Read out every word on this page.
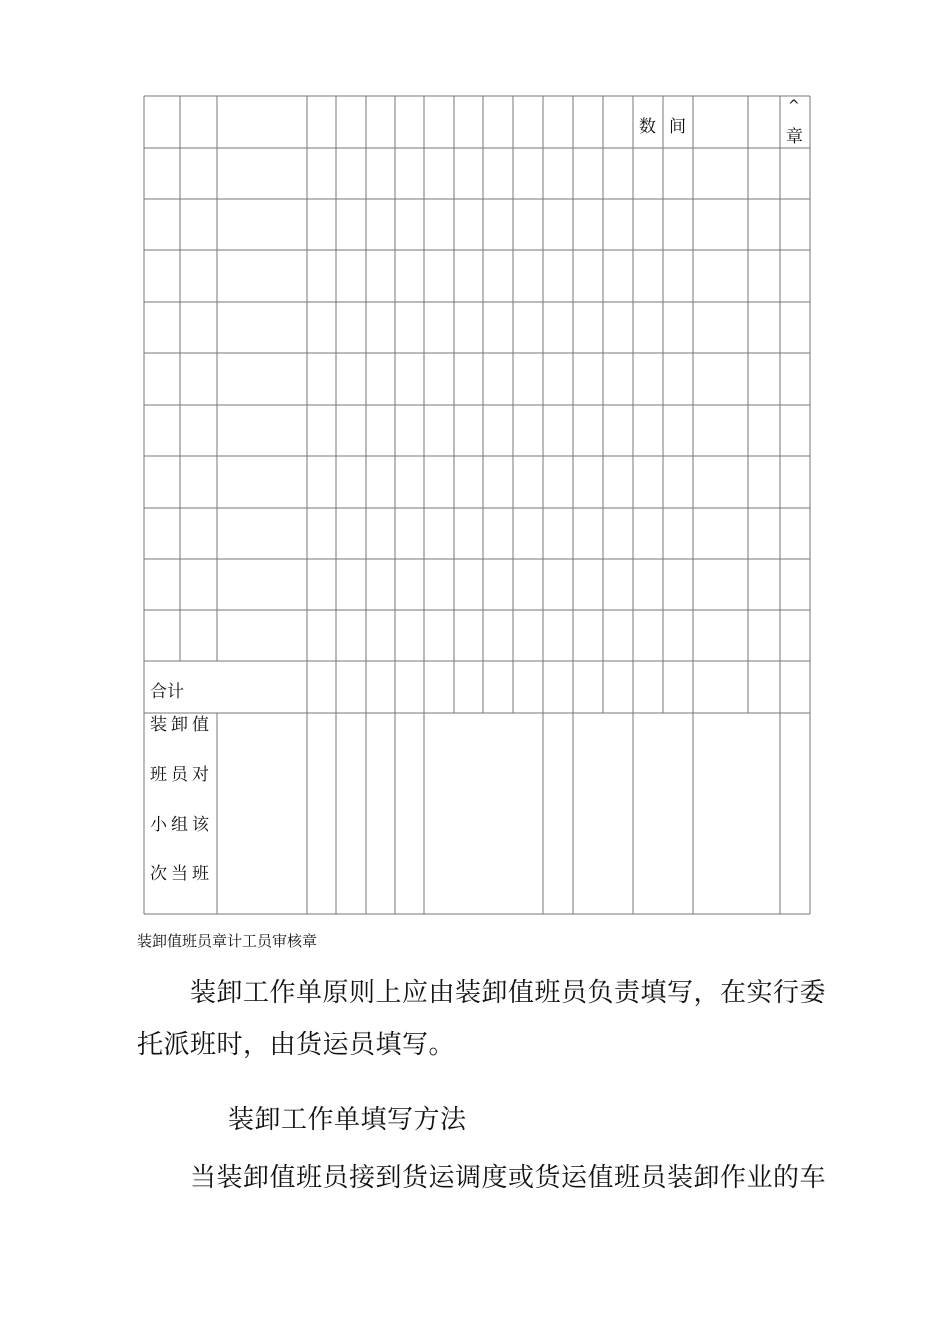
数 间
^
章
合计
装卸值
班员对
小组该
次当班
装卸值班员章计工员审核章
装卸工作单原则上应由装卸值班员负责填写，在实行委
托派班时，由货运员填写。
装卸工作单填写方法
当装卸值班员接到货运调度或货运值班员装卸作业的车
